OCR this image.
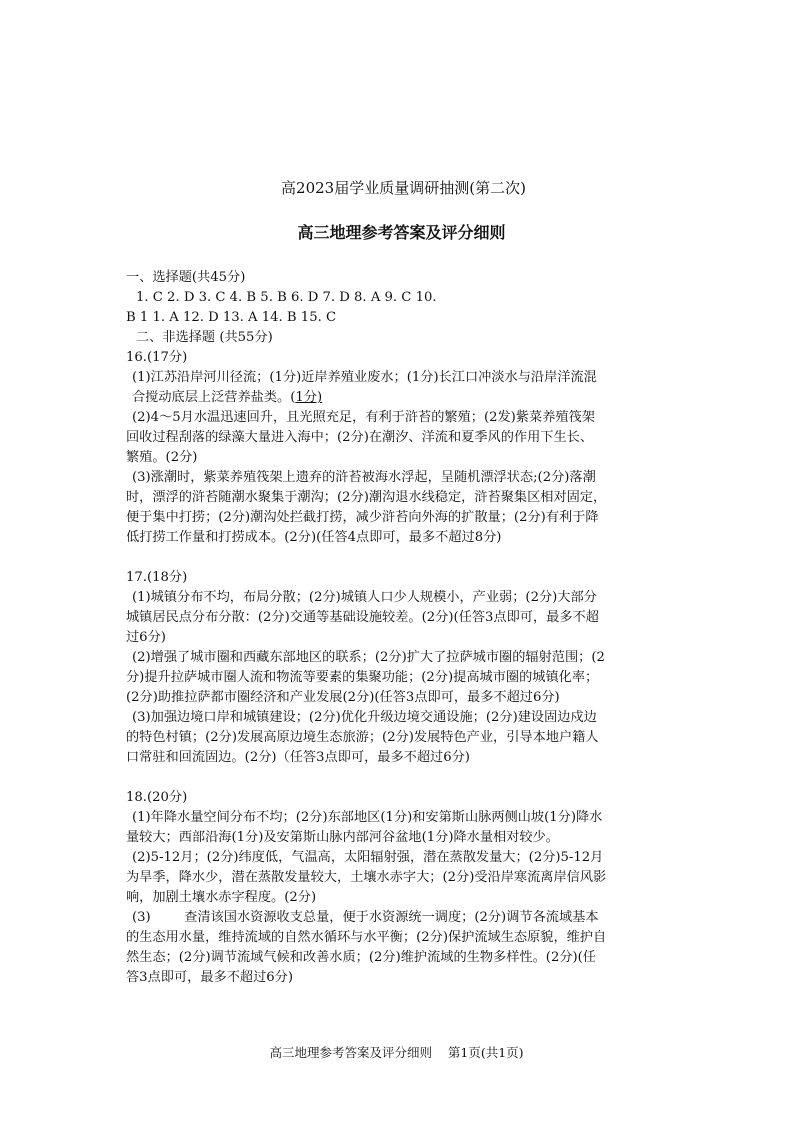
高2023届学业质量调研抽测(第二次)
高三地理参考答案及评分细则
一、选择题(共45分)
1. C 2. D 3. C 4. B 5. B 6. D 7. D 8. A 9. C 10.
B 1 1. A 12. D 13. A 14. B 15. C
二、非选择题 (共55分)
16.(17分)
(1)江苏沿岸河川径流；(1分)近岸养殖业废水；(1分)长江口冲淡水与沿岸洋流混
合搅动底层上泛营养盐类。(1分)
(2)4～5月水温迅速回升，且光照充足，有利于浒苔的繁殖；(2发)紫菜养殖筏架
回收过程刮落的绿藻大量进入海中；(2分)在潮汐、洋流和夏季风的作用下生长、
繁殖。(2分)
(3)涨潮时，紫菜养殖筏架上遗弃的浒苔被海水浮起，呈随机漂浮状态;(2分)落潮
时，漂浮的浒苔随潮水聚集于潮沟；(2分)潮沟退水线稳定，浒苔聚集区相对固定，
便于集中打捞；(2分)潮沟处拦截打捞，减少浒苔向外海的扩散量；(2分)有利于降
低打捞工作量和打捞成本。(2分)(任答4点即可，最多不超过8分)
17.(18分)
(1)城镇分布不均，布局分散；(2分)城镇人口少人规模小，产业弱；(2分)大部分
城镇居民点分布分散：(2分)交通等基础设施较差。(2分)(任答3点即可，最多不超
过6分)
(2)增强了城市圈和西藏东部地区的联系；(2分)扩大了拉萨城市圈的辐射范围；(2
分)提升拉萨城市圈人流和物流等要素的集聚功能；(2分)提高城市圈的城镇化率；
(2分)助推拉萨都市圈经济和产业发展(2分)(任答3点即可，最多不超过6分)
(3)加强边境口岸和城镇建设；(2分)优化升级边境交通设施；(2分)建设固边戍边
的特色村镇；(2分)发展高原边境生态旅游；(2分)发展特色产业，引导本地户籍人
口常驻和回流固边。(2分)（任答3点即可，最多不超过6分)
18.(20分)
(1)年降水量空间分布不均；(2分)东部地区(1分)和安第斯山脉两侧山坡(1分)降水
量较大；西部沿海(1分)及安第斯山脉内部河谷盆地(1分)降水量相对较少。
(2)5-12月；(2分)纬度低，气温高，太阳辐射强，潜在蒸散发量大；(2分)5-12月
为旱季，降水少，潜在蒸散发量较大，土壤水赤字大；(2分)受沿岸寒流离岸信风影
响，加剧土壤水赤字程度。(2分)
(3)        查清该国水资源收支总量，便于水资源统一调度；(2分)调节各流域基本
的生态用水量，维持流域的自然水循环与水平衡；(2分)保护流域生态原貌，维护自
然生态；(2分)调节流域气候和改善水质；(2分)维护流域的生物多样性。(2分)(任
答3点即可，最多不超过6分)
高三地理参考答案及评分细则    第1页(共1页)
